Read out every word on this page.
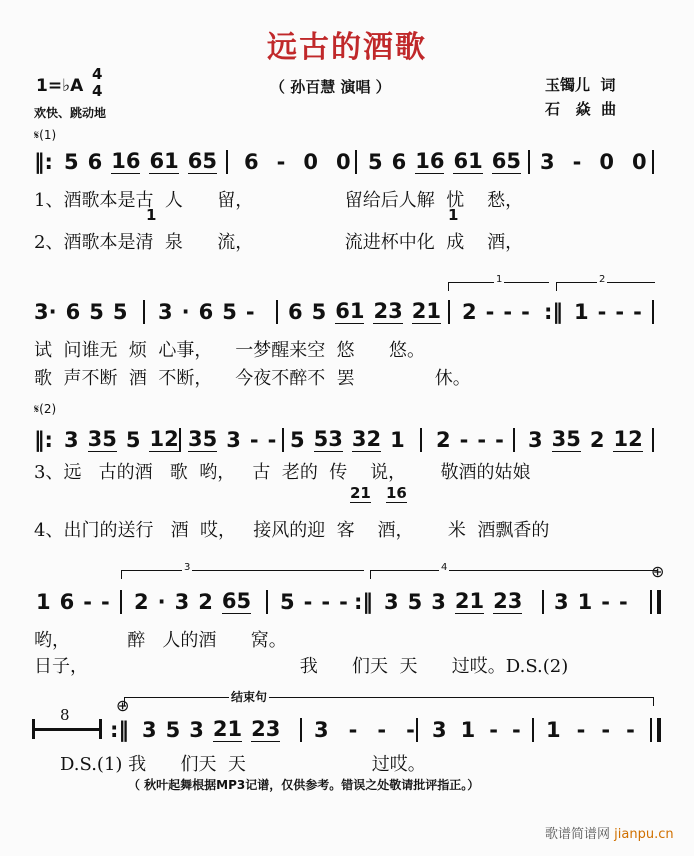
远古的酒歌
（ 孙百慧 演唱 ）
1=♭A
4
4
欢快、跳动地
玉镯儿  词
石   焱  曲
𝄋(1)
‖: 5 6 16 61 65 6 - 0 0 5 6 16 61 65 3 - 0 0
1、酒歌本是古  人      留，                留给后人解  忧    愁，
1	1
2、酒歌本是清  泉      流，                流进杯中化  成    酒，
1	2
3· 6 5 5 3 · 6 5 - 6 5 61 23 21 2 - - - :‖ 1 - - -
试  问谁无  烦  心事，    一梦醒来空  悠      悠。
歌  声不断  酒  不断，    今夜不醉不  罢              休。
𝄋(2)
‖: 3 35 5 12 35 3 - - 5 53 32 1 2 - - - 3 35 2 12
3、远   古的酒   歌  哟，   古  老的  传    说，      敬酒的姑娘
21 16
4、出门的送行   酒  哎，   接风的迎  客    酒，      米  酒飘香的
3	4	⊕
1 6 - - 2 · 3 2 65 5 - - - :‖ 3 5 3 21 23 3 1 - -
哟，          醉   人的酒      窝。
日子，                                     我      们天  天      过哎。D.S.(2)
结束句
⊕
8
:‖ 3 5 3 21 23 3 - - - 3 1 - - 1 - - -
D.S.(1) 我      们天  天                      过哎。
（ 秋叶起舞根据MP3记谱，仅供参考。错误之处敬请批评指正。）
歌谱简谱网 jianpu.cn
